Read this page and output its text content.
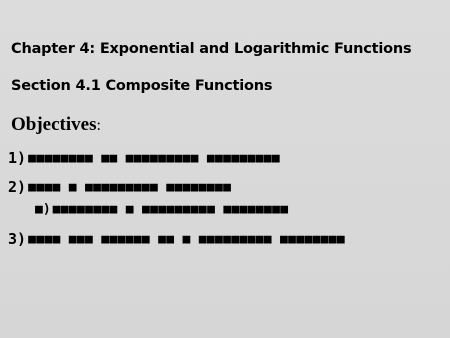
Chapter 4: Exponential and Logarithmic Functions
Section 4.1 Composite Functions
Objectives:
1) ■■■■■■■■ ■■ ■■■■■■■■■ ■■■■■■■■■
2) ■■■■ ■ ■■■■■■■■■ ■■■■■■■■
■) ■■■■■■■■ ■ ■■■■■■■■■ ■■■■■■■■
3) ■■■■ ■■■ ■■■■■■ ■■ ■ ■■■■■■■■■ ■■■■■■■■
